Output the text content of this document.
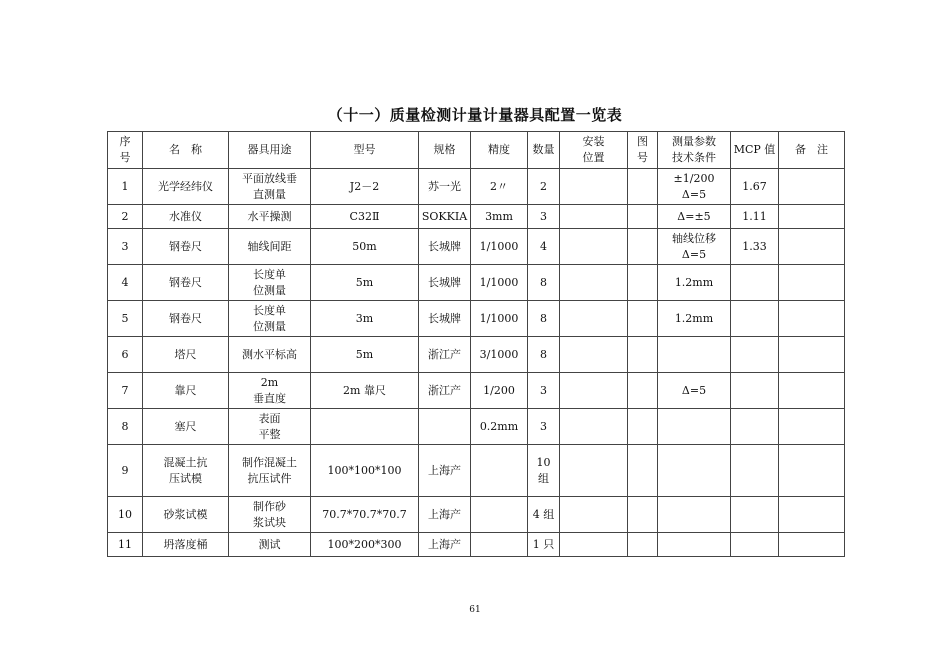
（十一）质量检测计量计量器具配置一览表
序
号	名　称	器具用途	型号	规格	精度	数量	安装
位置	图
号	测量参数
技术条件	MCP 值	备　注
1	光学经纬仪	平面放线垂
直测量	J2－2	苏一光	2〃	2			±1/200
Δ=5	1.67	
2	水准仪	水平操测	C32Ⅱ	SOKKIA	3mm	3			Δ=±5	1.11	
3	钢卷尺	轴线间距	50m	长城牌	1/1000	4			轴线位移
Δ=5	1.33	
4	钢卷尺	长度单
位测量	5m	长城牌	1/1000	8			1.2mm		
5	钢卷尺	长度单
位测量	3m	长城牌	1/1000	8			1.2mm		
6	塔尺	测水平标高	5m	浙江产	3/1000	8					
7	靠尺	2m
垂直度	2m 靠尺	浙江产	1/200	3			Δ=5		
8	塞尺	表面
平整			0.2mm	3					
9	混凝土抗
压试模	制作混凝土
抗压试件	100*100*100	上海产		10
组					
10	砂浆试模	制作砂
浆试块	70.7*70.7*70.7	上海产		4 组					
11	坍落度桶	测试	100*200*300	上海产		1 只					
61
